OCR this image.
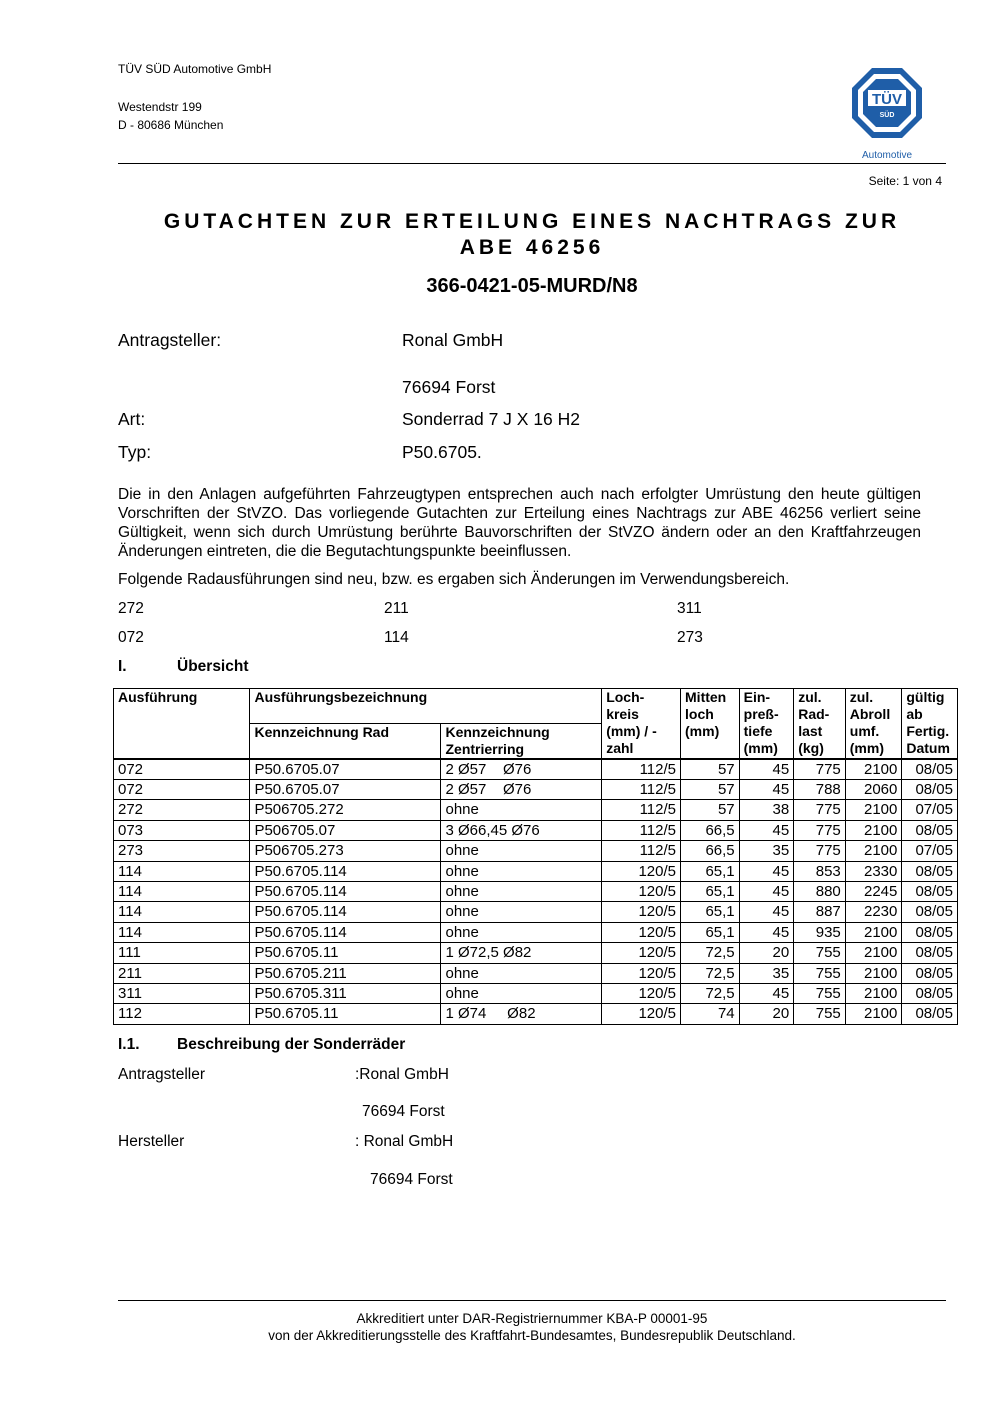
TÜV SÜD Automotive GmbH
Westendstr 199
D - 80686 München
TÜV
SÜD
Automotive
Seite: 1 von 4
GUTACHTEN ZUR ERTEILUNG EINES NACHTRAGS ZUR
ABE 46256
366-0421-05-MURD/N8
Antragsteller:	Ronal GmbH
76694 Forst
Art:	Sonderrad 7 J X 16 H2
Typ:	P50.6705.
Die in den Anlagen aufgeführten Fahrzeugtypen entsprechen auch nach erfolgter Umrüstung den heute gültigen Vorschriften der StVZO. Das vorliegende Gutachten zur Erteilung eines Nachtrags zur ABE 46256 verliert seine Gültigkeit, wenn sich durch Umrüstung berührte Bauvorschriften der StVZO ändern oder an den Kraftfahrzeugen Änderungen eintreten, die die Begutachtungspunkte beeinflussen.
Folgende Radausführungen sind neu, bzw. es ergaben sich Änderungen im Verwendungsbereich.
272	211	311
072	114	273
I.	Übersicht
Ausführung	Ausführungsbezeichnung		Loch- kreis (mm) / -zahl	Mitten loch (mm)	Ein- preß- tiefe (mm)	zul. Rad- last (kg)	zul. Abroll umf. (mm)	gültig ab Fertig. Datum
	Kennzeichnung Rad	Kennzeichnung Zentrierring						
072	P50.6705.07	2 Ø57    Ø76	112/5	57	45	775	2100	08/05
072	P50.6705.07	2 Ø57    Ø76	112/5	57	45	788	2060	08/05
272	P506705.272	ohne	112/5	57	38	775	2100	07/05
073	P506705.07	3 Ø66,45 Ø76	112/5	66,5	45	775	2100	08/05
273	P506705.273	ohne	112/5	66,5	35	775	2100	07/05
114	P50.6705.114	ohne	120/5	65,1	45	853	2330	08/05
114	P50.6705.114	ohne	120/5	65,1	45	880	2245	08/05
114	P50.6705.114	ohne	120/5	65,1	45	887	2230	08/05
114	P50.6705.114	ohne	120/5	65,1	45	935	2100	08/05
111	P50.6705.11	1 Ø72,5 Ø82	120/5	72,5	20	755	2100	08/05
211	P50.6705.211	ohne	120/5	72,5	35	755	2100	08/05
311	P50.6705.311	ohne	120/5	72,5	45	755	2100	08/05
112	P50.6705.11	1 Ø74     Ø82	120/5	74	20	755	2100	08/05
I.1. Beschreibung der Sonderräder
Antragsteller	:Ronal GmbH
76694 Forst
Hersteller	: Ronal GmbH
76694 Forst
Akkreditiert unter DAR-Registriernummer KBA-P 00001-95
von der Akkreditierungsstelle des Kraftfahrt-Bundesamtes, Bundesrepublik Deutschland.
